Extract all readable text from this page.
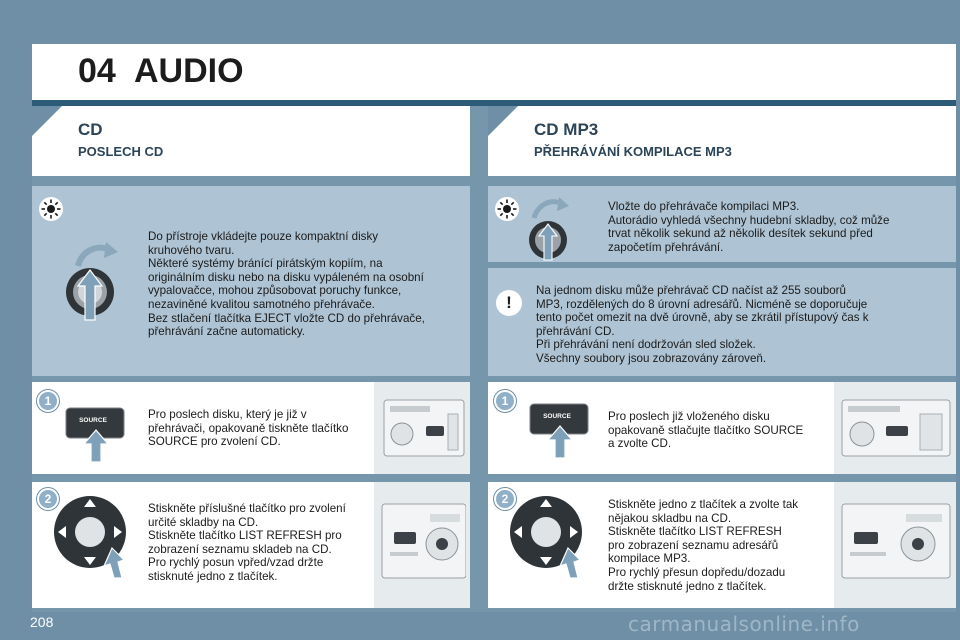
04 AUDIO
CD
POSLECH CD
CD MP3
PŘEHRÁVÁNÍ KOMPILACE MP3
Do přístroje vkládejte pouze kompaktní disky
kruhového tvaru.
Některé systémy bránící pirátským kopiím, na
originálním disku nebo na disku vypáleném na osobní
vypalovačce, mohou způsobovat poruchy funkce,
nezaviněné kvalitou samotného přehrávače.
Bez stlačení tlačítka EJECT vložte CD do přehrávače,
přehrávání začne automaticky.
1
SOURCE	Pro poslech disku, který je již v
přehrávači, opakovaně tiskněte tlačítko
SOURCE pro zvolení CD.
2
Stiskněte příslušné tlačítko pro zvolení
určité skladby na CD.
Stiskněte tlačítko LIST REFRESH pro
zobrazení seznamu skladeb na CD.
Pro rychlý posun vpřed/vzad držte
stisknuté jedno z tlačítek.
Vložte do přehrávače kompilaci MP3.
Autorádio vyhledá všechny hudební skladby, což může
trvat několik sekund až několik desítek sekund před
započetím přehrávání.
!
Na jednom disku může přehrávač CD načíst až 255 souborů
MP3, rozdělených do 8 úrovní adresářů. Nicméně se doporučuje
tento počet omezit na dvě úrovně, aby se zkrátil přístupový čas k
přehrávání CD.
Při přehrávání není dodržován sled složek.
Všechny soubory jsou zobrazovány zároveň.
1
SOURCE	Pro poslech již vloženého disku
opakovaně stlačujte tlačítko SOURCE
a zvolte CD.
2	Stiskněte jedno z tlačítek a zvolte tak
nějakou skladbu na CD.
Stiskněte tlačítko LIST REFRESH
pro zobrazení seznamu adresářů
kompilace MP3.
Pro rychlý přesun dopředu/dozadu
držte stisknuté jedno z tlačítek.
208	carmanualsonline.info
